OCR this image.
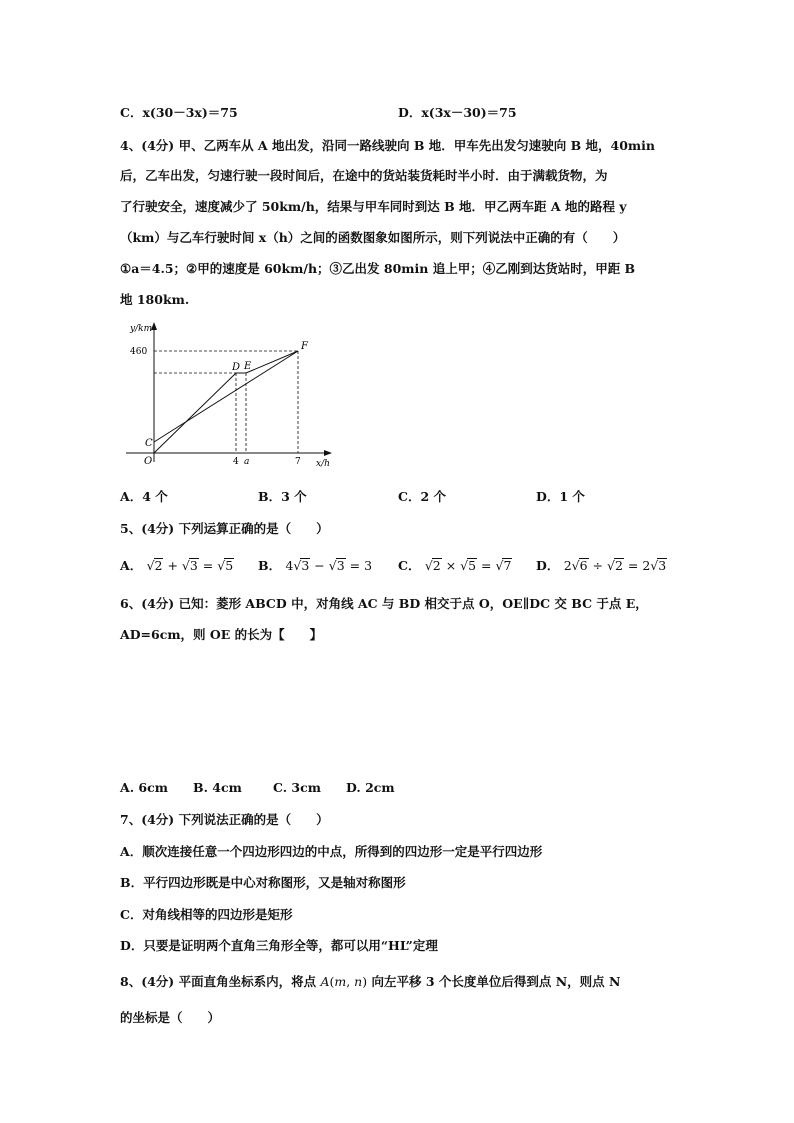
C．x(30－3x)＝75	D．x(3x－30)＝75
4、(4分) 甲、乙两车从 A 地出发，沿同一路线驶向 B 地．甲车先出发匀速驶向 B 地，40min
后，乙车出发，匀速行驶一段时间后，在途中的货站装货耗时半小时．由于满载货物，为
了行驶安全，速度减少了 50km/h，结果与甲车同时到达 B 地．甲乙两车距 A 地的路程 y
（km）与乙车行驶时间 x（h）之间的函数图象如图所示，则下列说法中正确的有（　　）
①a＝4.5；②甲的速度是 60km/h；③乙出发 80min 追上甲；④乙刚到达货站时，甲距 B
地 180km.
y/km
x/h
460
O
C
D E
F
4 a	7
A．4 个	B．3 个	C．2 个	D．1 个
5、(4分) 下列运算正确的是（　　）
A． √2 + √3 = √5 B． 4√3 − √3 = 3 C． √2 × √5 = √7 D． 2√6 ÷ √2 = 2√3
6、(4分) 已知：菱形 ABCD 中，对角线 AC 与 BD 相交于点 O，OE∥DC 交 BC 于点 E，
AD=6cm，则 OE 的长为【　　】
A. 6cm B. 4cm C. 3cm D. 2cm
7、(4分) 下列说法正确的是（　　）
A．顺次连接任意一个四边形四边的中点，所得到的四边形一定是平行四边形
B．平行四边形既是中心对称图形，又是轴对称图形
C．对角线相等的四边形是矩形
D．只要是证明两个直角三角形全等，都可以用“HL”定理
8、(4分) 平面直角坐标系内，将点 A(m, n) 向左平移 3 个长度单位后得到点 N，则点 N
的坐标是（　　）
